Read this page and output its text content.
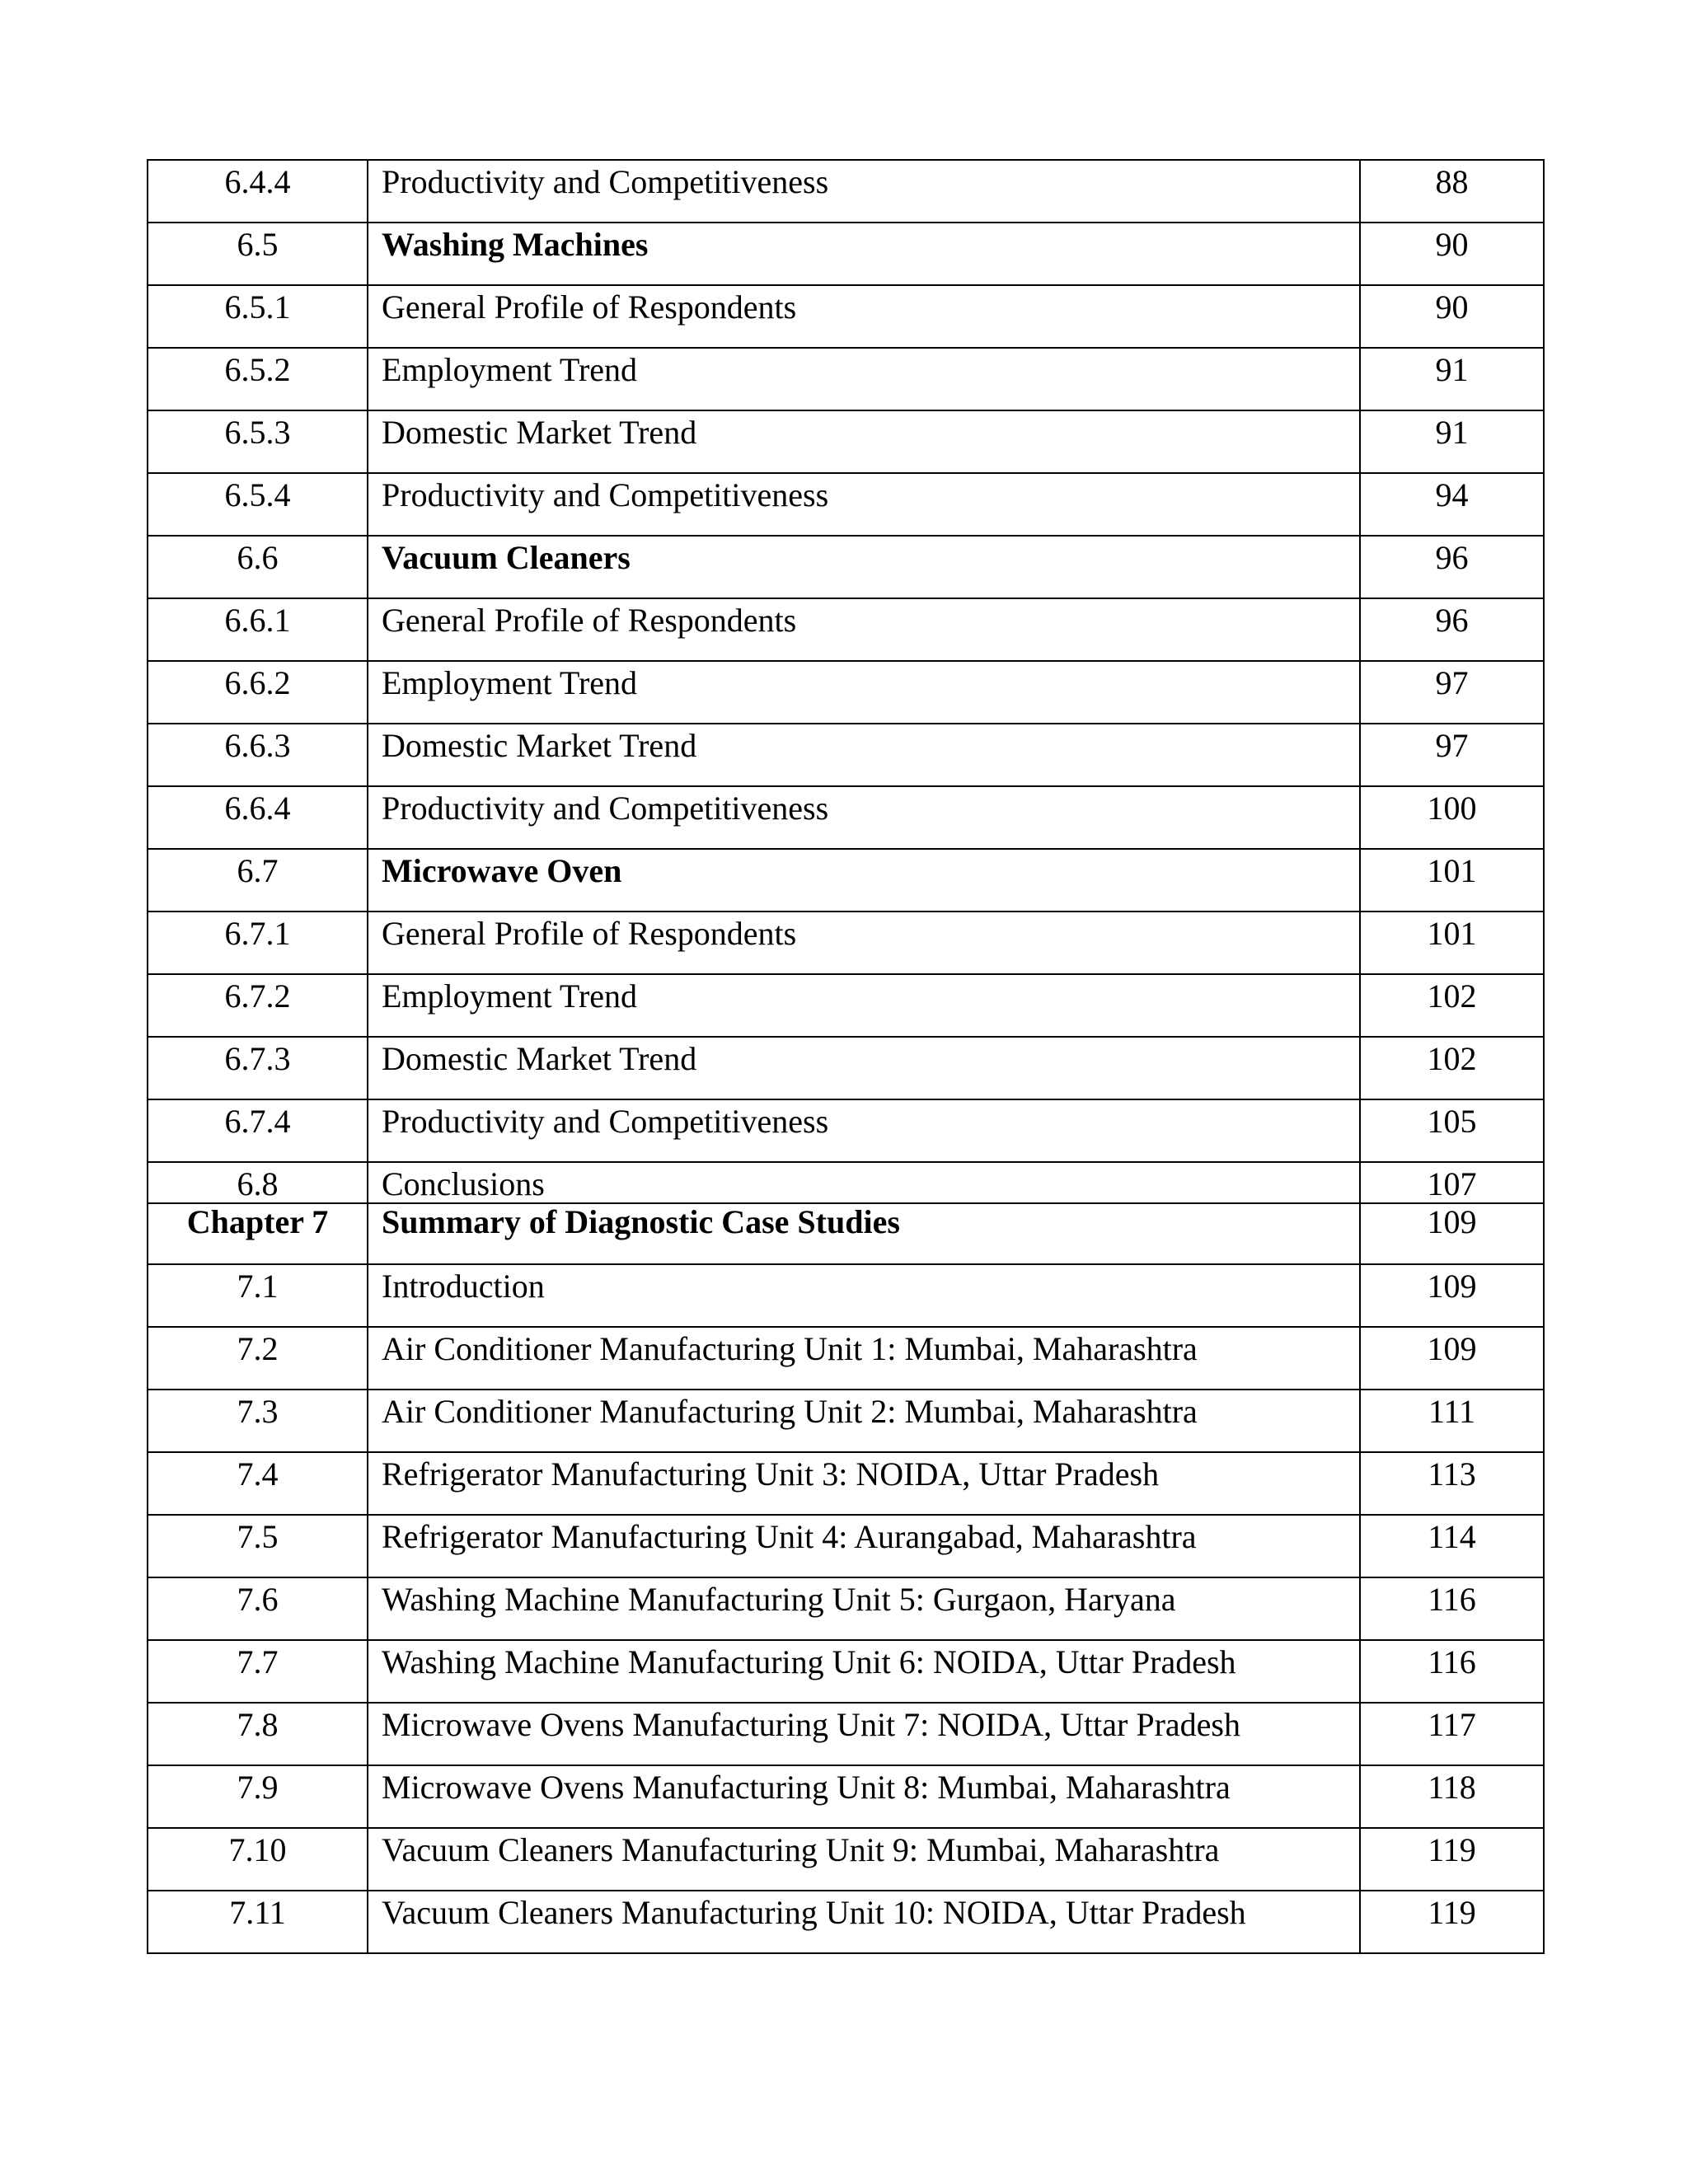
6.4.4	Productivity and Competitiveness	88
6.5	Washing Machines	90
6.5.1	General Profile of Respondents	90
6.5.2	Employment Trend	91
6.5.3	Domestic Market Trend	91
6.5.4	Productivity and Competitiveness	94
6.6	Vacuum Cleaners	96
6.6.1	General Profile of Respondents	96
6.6.2	Employment Trend	97
6.6.3	Domestic Market Trend	97
6.6.4	Productivity and Competitiveness	100
6.7	Microwave Oven	101
6.7.1	General Profile of Respondents	101
6.7.2	Employment Trend	102
6.7.3	Domestic Market Trend	102
6.7.4	Productivity and Competitiveness	105
6.8	Conclusions	107
Chapter 7	Summary of Diagnostic Case Studies	109
7.1	Introduction	109
7.2	Air Conditioner Manufacturing Unit 1: Mumbai, Maharashtra	109
7.3	Air Conditioner Manufacturing Unit 2: Mumbai, Maharashtra	111
7.4	Refrigerator Manufacturing Unit 3: NOIDA, Uttar Pradesh	113
7.5	Refrigerator Manufacturing Unit 4: Aurangabad, Maharashtra	114
7.6	Washing Machine Manufacturing Unit 5: Gurgaon, Haryana	116
7.7	Washing Machine Manufacturing Unit 6: NOIDA, Uttar Pradesh	116
7.8	Microwave Ovens Manufacturing Unit 7: NOIDA, Uttar Pradesh	117
7.9	Microwave Ovens Manufacturing Unit 8: Mumbai, Maharashtra	118
7.10	Vacuum Cleaners Manufacturing Unit 9: Mumbai, Maharashtra	119
7.11	Vacuum Cleaners Manufacturing Unit 10: NOIDA, Uttar Pradesh	119
